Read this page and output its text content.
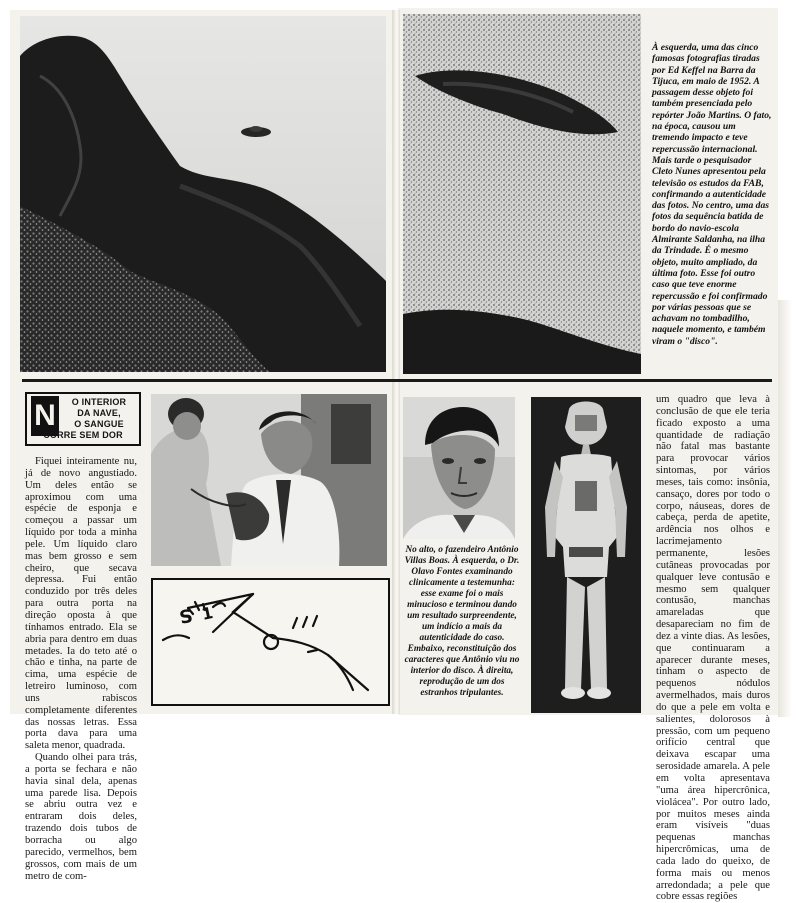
À esquerda, uma das cinco famosas fotografias tiradas por Ed Keffel na Barra da Tijuca, em maio de 1952. A passagem desse objeto foi também presenciada pelo repórter João Martins. O fato, na época, causou um tremendo impacto e teve repercussão internacional. Mais tarde o pesquisador Cleto Nunes apresentou pela televisão os estudos da FAB, confirmando a autenticidade das fotos. No centro, uma das fotos da sequência batida de bordo do navio-escola Almirante Saldanha, na ilha da Trindade. É o mesmo objeto, muito ampliado, da última foto. Esse foi outro caso que teve enorme repercussão e foi confirmado por várias pessoas que se achavam no tombadilho, naquele momento, e também viram o "disco".
N	O INTERIOR
DA NAVE,
O SANGUE
CORRE SEM DOR

Fiquei inteiramente nu, já de novo angustiado. Um deles então se aproximou com uma espécie de esponja e começou a passar um líquido por toda a minha pele. Um líquido claro mas bem grosso e sem cheiro, que secava depressa. Fui então conduzido por três deles para outra porta na direção oposta à que tínhamos entrado. Ela se abria para dentro em duas metades. Ia do teto até o chão e tinha, na parte de cima, uma espécie de letreiro luminoso, com uns rabiscos completamente diferentes das nossas letras. Essa porta dava para uma saleta menor, quadrada.

Quando olhei para trás, a porta se fechara e não havia sinal dela, apenas uma parede lisa. Depois se abriu outra vez e entraram dois deles, trazendo dois tubos de borracha ou algo parecido, vermelhos, bem grossos, com mais de um metro de com-

S 1
No alto, o fazendeiro Antônio Villas Boas. À esquerda, o Dr. Olavo Fontes examinando clinicamente a testemunha: esse exame foi o mais minucioso e terminou dando um resultado surpreendente, um indício a mais da autenticidade do caso. Embaixo, reconstituição dos caracteres que Antônio viu no interior do disco. À direita, reprodução de um dos estranhos tripulantes.

um quadro que leva à conclusão de que ele teria ficado exposto a uma quantidade de radiação não fatal mas bastante para provocar vários sintomas, por vários meses, tais como: insônia, cansaço, dores por todo o corpo, náuseas, dores de cabeça, perda de apetite, ardência nos olhos e lacrimejamento permanente, lesões cutâneas provocadas por qualquer leve contusão e mesmo sem qualquer contusão, manchas amareladas que desapareciam no fim de dez a vinte dias. As lesões, que continuaram a aparecer durante meses, tinham o aspecto de pequenos nódulos avermelhados, mais duros do que a pele em volta e salientes, dolorosos à pressão, com um pequeno orifício central que deixava escapar uma serosidade amarela. A pele em volta apresentava "uma área hipercrônica, violácea". Por outro lado, por muitos meses ainda eram visíveis "duas pequenas manchas hipercrômicas, uma de cada lado do queixo, de forma mais ou menos arredondada; a pele que cobre essas regiões
